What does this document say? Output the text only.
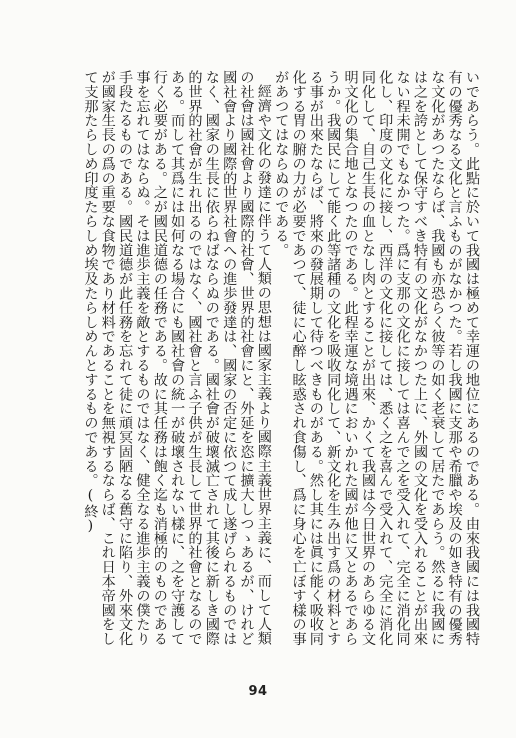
いであらう。此點に於いて我國は極めて幸運の地位にあるのである。由來我國には我國特有の優秀なる文化と言ふものがなかつた。若し我國に支那や希臘や埃及の如き特有の優秀な文化があつたならば、我國も亦恐らく彼等の如く老衰して居たであらう。然るに我國には之を誇として保守すべき特有の文化がなかつた上に、外國の文化を受入れることが出來ない程未開でもなかつた。爲に支那の文化に接しては喜んで之を受入れて、完全に消化同化し、印度の文化に接し、西洋の文化に接しては、悉く之を喜んで受入れて、完全に消化同化して、自己生長の血となし肉とすることが出來、かくて我國は今日世界のあらゆる文明文化の集合地となつたのである。此程幸運な境遇においかれた國が他に又とあるであらうか。我國民にして能く此等諸種の文化を吸收同化して、新文化を生み出す爲の材料とする事が出來たならば、將來の發展期して待つべきものがある。然し其には眞に能く吸收同化する胃の腑の力が必要であつて、徒に心醉し眩惑され食傷し、爲に身心を亡ぼす樣の事があつてはならぬのである。

經濟や文化の發達に伴うて人類の思想は國家主義より國際主義世界主義に、而して人類の社會は國社會より國際的社會、世界的社會にと、外延を恣に擴大しつゝあるが、けれど國社會より國際的世界社會への進歩發達は、國家の否定に依つて成し遂げられるものではなく、國家の生長に依らねばならぬのである。國社會が破壞滅亡されて其後に新しき國際的世界的社會が生れ出るのではなく、國社會と言ふ子供が生長して世界的社會となるのである。而して其爲には如何なる場合にも國社會の統一が破壞されない樣に、之を守護して行く必要がある。之が國民道德の任務である。故に其任務は飽く迄も消極的のものである事を忘れてはならぬ。そは進歩主義を敵とするものではなく、健全なる進歩主義の僕たり手段たるものである。國民道德が此任務を忘れて徒に頑冥固陋なる舊守に陷り、外來文化が國家生長の爲の重要な食物であり材料であることを無視するならば、これ日本帝國をして支那たらしめ印度たらしめ埃及たらしめんとするものである。(終)

94
